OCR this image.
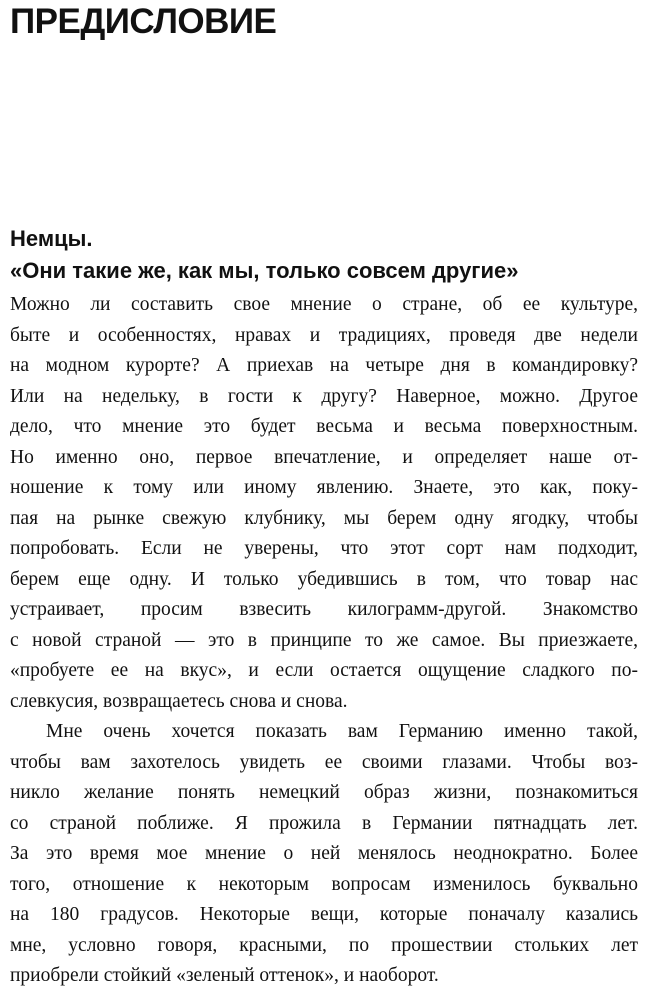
ПРЕДИСЛОВИЕ
Немцы.
«Они такие же, как мы, только совсем другие»
Можно ли составить свое мнение о стране, об ее культуре,
быте и особенностях, нравах и традициях, проведя две недели
на модном курорте? А приехав на четыре дня в командировку?
Или на недельку, в гости к другу? Наверное, можно. Другое
дело, что мнение это будет весьма и весьма поверхностным.
Но именно оно, первое впечатление, и определяет наше от-
ношение к тому или иному явлению. Знаете, это как, поку-
пая на рынке свежую клубнику, мы берем одну ягодку, чтобы
попробовать. Если не уверены, что этот сорт нам подходит,
берем еще одну. И только убедившись в том, что товар нас
устраивает, просим взвесить килограмм-другой. Знакомство
с новой страной — это в принципе то же самое. Вы приезжаете,
«пробуете ее на вкус», и если остается ощущение сладкого по-
слевкусия, возвращаетесь снова и снова.
Мне очень хочется показать вам Германию именно такой,
чтобы вам захотелось увидеть ее своими глазами. Чтобы воз-
никло желание понять немецкий образ жизни, познакомиться
со страной поближе. Я прожила в Германии пятнадцать лет.
За это время мое мнение о ней менялось неоднократно. Более
того, отношение к некоторым вопросам изменилось буквально
на 180 градусов. Некоторые вещи, которые поначалу казались
мне, условно говоря, красными, по прошествии стольких лет
приобрели стойкий «зеленый оттенок», и наоборот.
